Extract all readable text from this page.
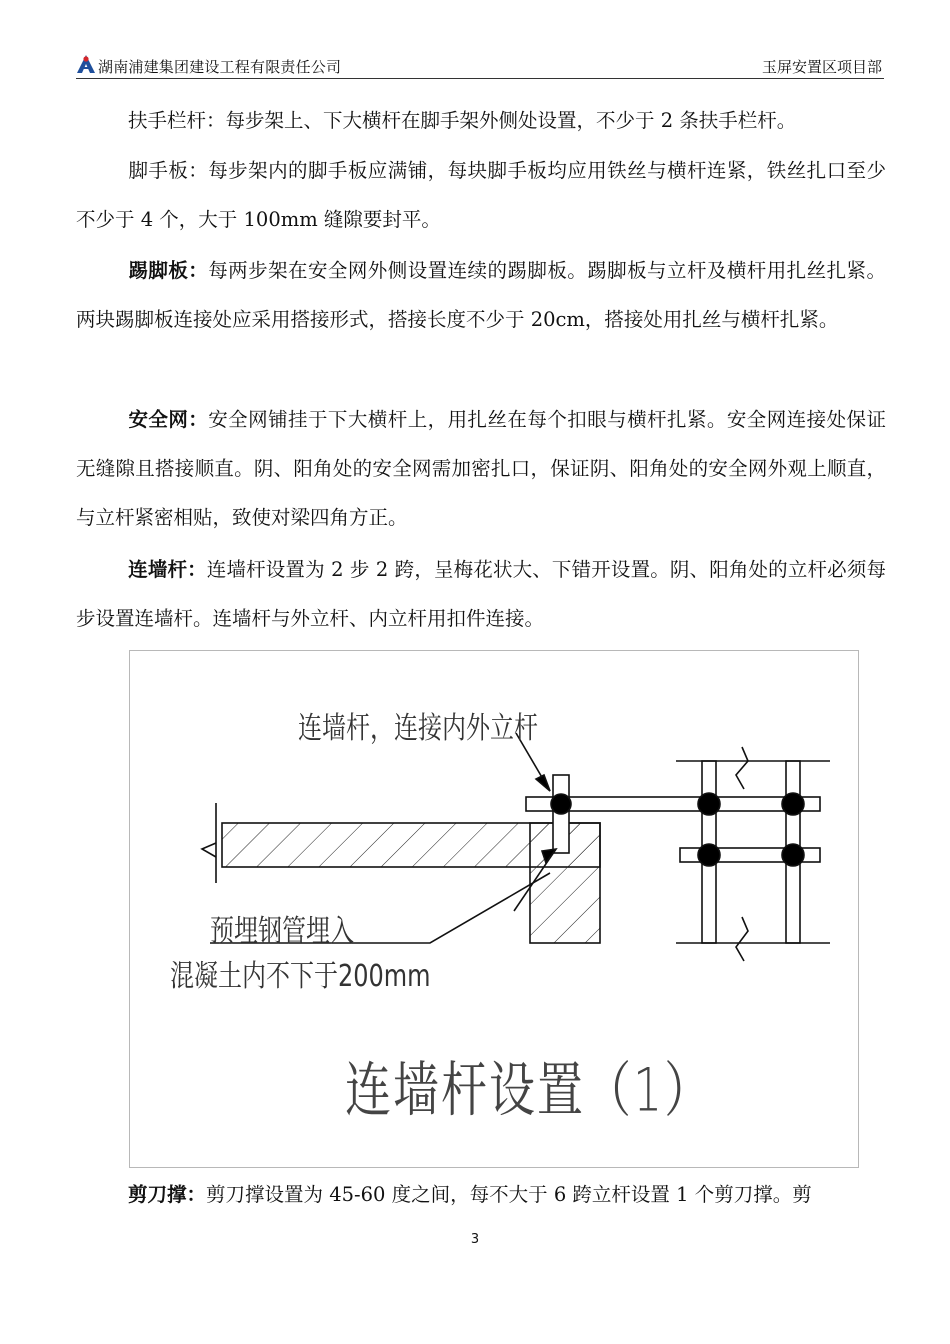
湖南浦建集团建设工程有限责任公司	玉屏安置区项目部

扶手栏杆：每步架上、下大横杆在脚手架外侧处设置，不少于 2 条扶手栏杆。

脚手板：每步架内的脚手板应满铺，每块脚手板均应用铁丝与横杆连紧，铁丝扎口至少不少于 4 个，大于 100mm 缝隙要封平。

踢脚板：每两步架在安全网外侧设置连续的踢脚板。踢脚板与立杆及横杆用扎丝扎紧。两块踢脚板连接处应采用搭接形式，搭接长度不少于 20cm，搭接处用扎丝与横杆扎紧。

安全网：安全网铺挂于下大横杆上，用扎丝在每个扣眼与横杆扎紧。安全网连接处保证无缝隙且搭接顺直。阴、阳角处的安全网需加密扎口，保证阴、阳角处的安全网外观上顺直，与立杆紧密相贴，致使对梁四角方正。

连墙杆：连墙杆设置为 2 步 2 跨，呈梅花状大、下错开设置。阴、阳角处的立杆必须每步设置连墙杆。连墙杆与外立杆、内立杆用扣件连接。

连墙杆，连接内外立杆
预埋钢管埋入
混凝土内不下于200mm
连墙杆设置（1）

剪刀撑：剪刀撑设置为 45-60 度之间，每不大于 6 跨立杆设置 1 个剪刀撑。剪

3
